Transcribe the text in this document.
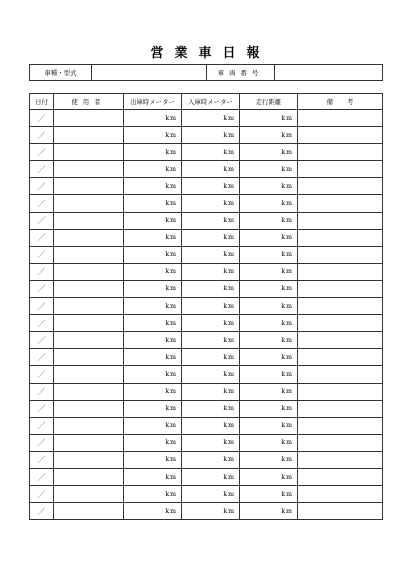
営業車日報
車種・型式		車両番号	
日付	使用者	出庫時メーター	入庫時メーター	走行距離	備考
／		km	km	km	
／		km	km	km	
／		km	km	km	
／		km	km	km	
／		km	km	km	
／		km	km	km	
／		km	km	km	
／		km	km	km	
／		km	km	km	
／		km	km	km	
／		km	km	km	
／		km	km	km	
／		km	km	km	
／		km	km	km	
／		km	km	km	
／		km	km	km	
／		km	km	km	
／		km	km	km	
／		km	km	km	
／		km	km	km	
／		km	km	km	
／		km	km	km	
／		km	km	km	
／		km	km	km	
